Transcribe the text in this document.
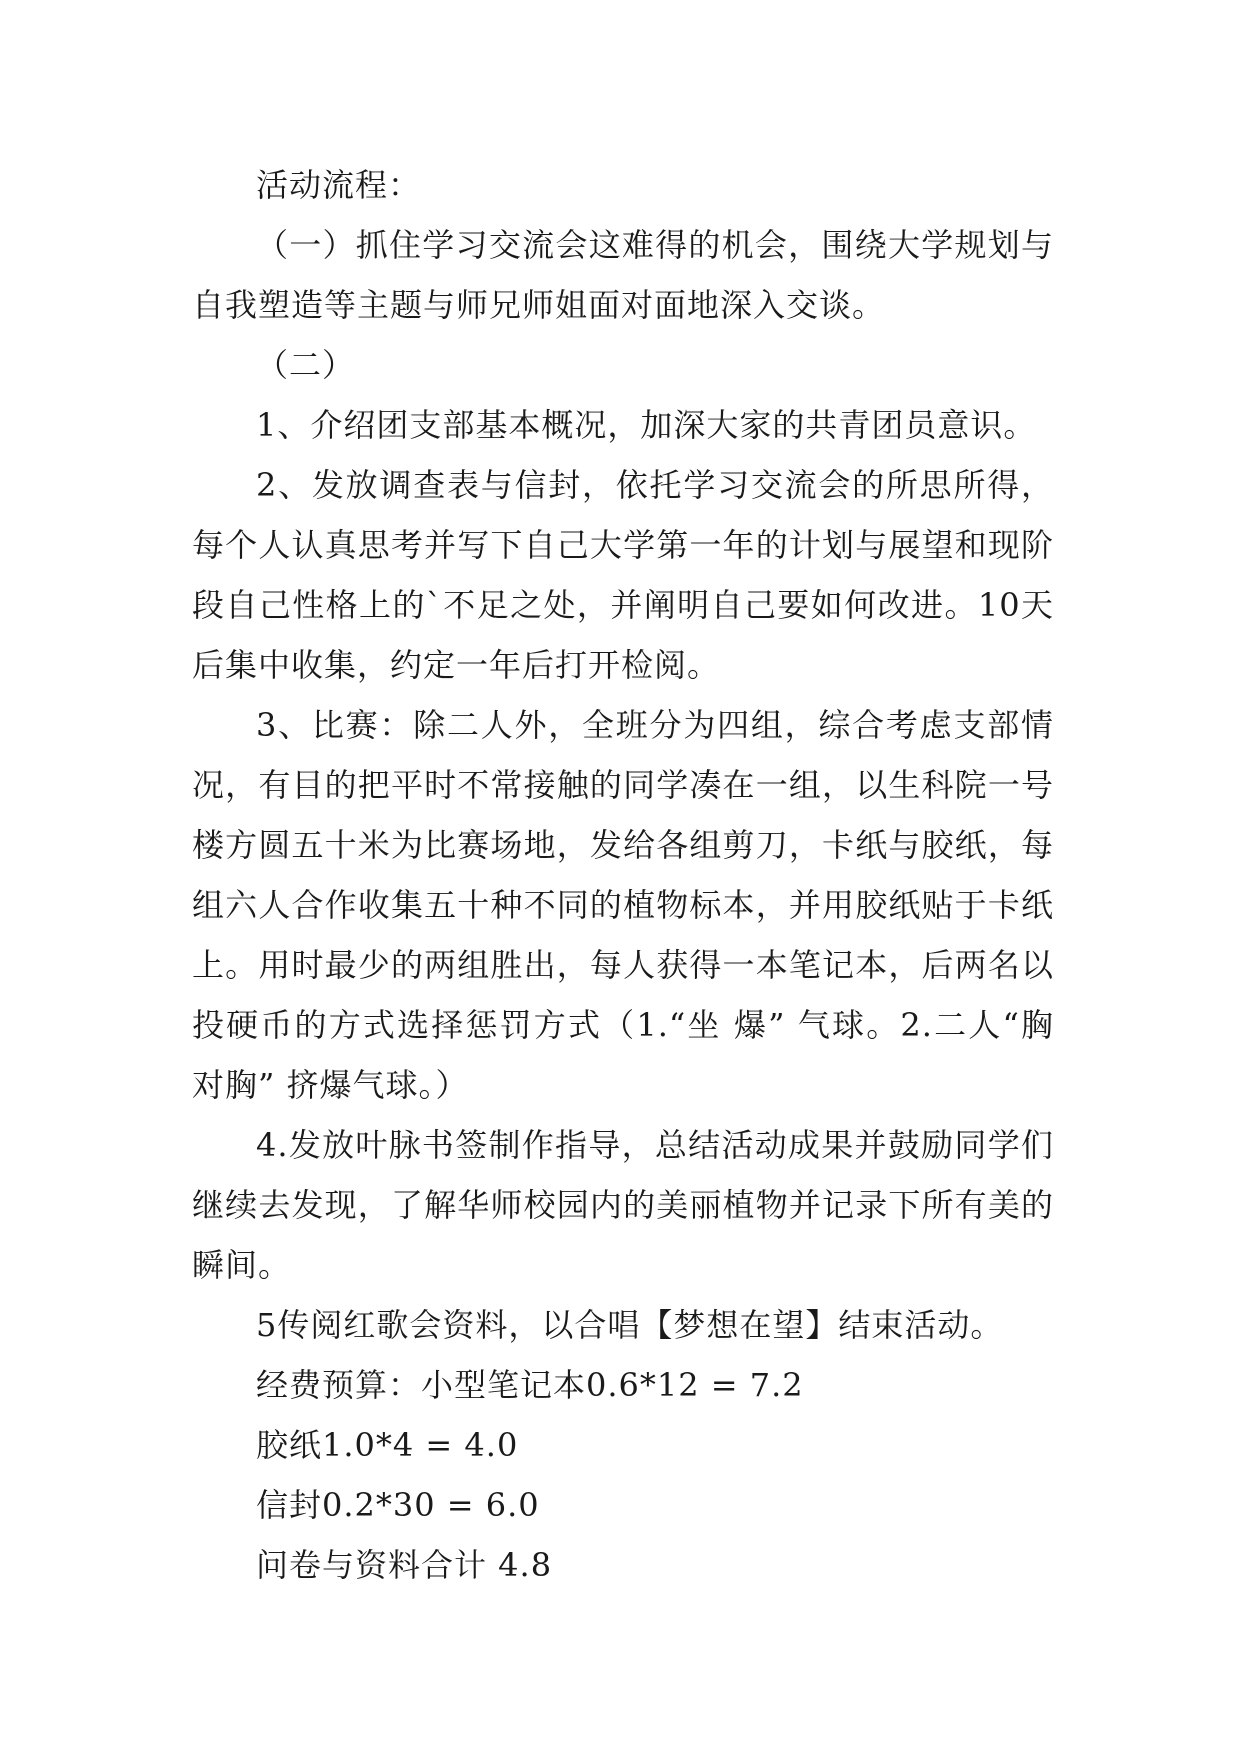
活动流程：

（一）抓住学习交流会这难得的机会，围绕大学规划与自我塑造等主题与师兄师姐面对面地深入交谈。

（二）

1、介绍团支部基本概况，加深大家的共青团员意识。

2、发放调查表与信封，依托学习交流会的所思所得，每个人认真思考并写下自己大学第一年的计划与展望和现阶段自己性格上的`不足之处，并阐明自己要如何改进。10天后集中收集，约定一年后打开检阅。

3、比赛：除二人外，全班分为四组，综合考虑支部情况，有目的把平时不常接触的同学凑在一组，以生科院一号楼方圆五十米为比赛场地，发给各组剪刀，卡纸与胶纸，每组六人合作收集五十种不同的植物标本，并用胶纸贴于卡纸上。用时最少的两组胜出，每人获得一本笔记本，后两名以投硬币的方式选择惩罚方式（1.“坐 爆” 气球。2.二人“胸对胸” 挤爆气球。）

4.发放叶脉书签制作指导，总结活动成果并鼓励同学们继续去发现，了解华师校园内的美丽植物并记录下所有美的瞬间。

5传阅红歌会资料，以合唱【梦想在望】结束活动。

经费预算：小型笔记本0.6*12 = 7.2

胶纸1.0*4 = 4.0

信封0.2*30 = 6.0

问卷与资料合计 4.8
